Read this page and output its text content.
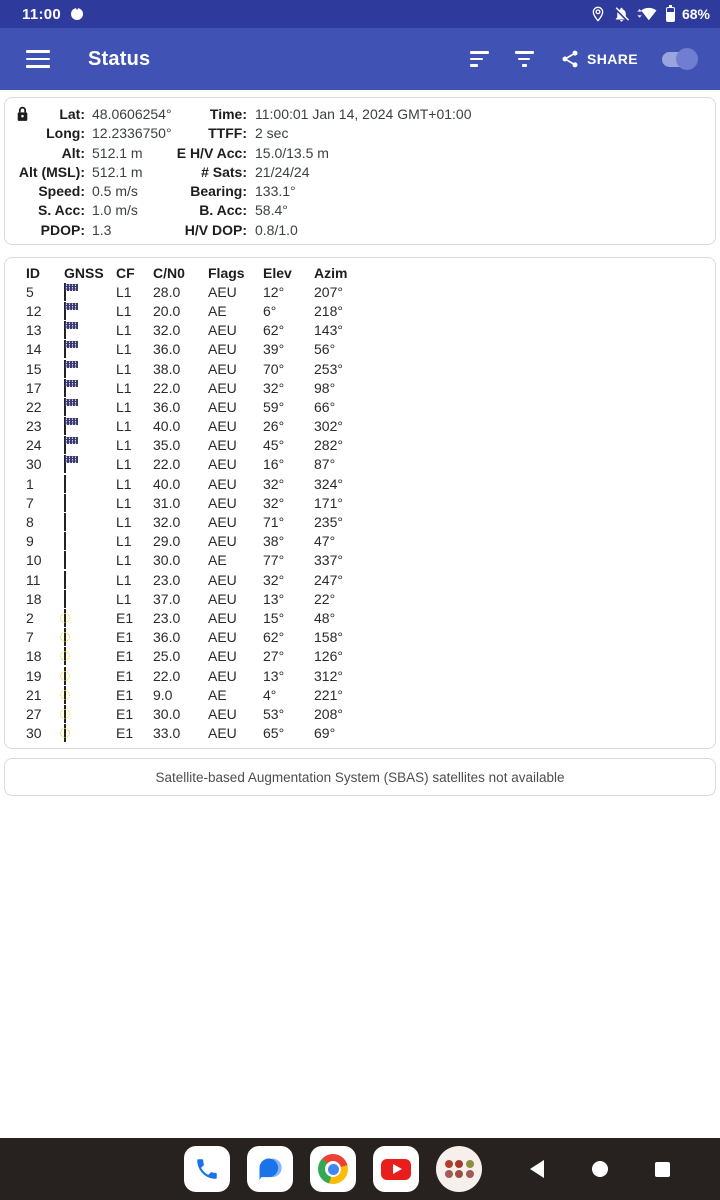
11:00	68%
Status	SHARE
Lat: 48.0606254°	Time: 11:00:01 Jan 14, 2024 GMT+01:00
Long: 12.2336750°	TTFF: 2 sec
Alt: 512.1 m	E H/V Acc: 15.0/13.5 m
Alt (MSL): 512.1 m	# Sats: 21/24/24
Speed: 0.5 m/s	Bearing: 133.1°
S. Acc: 1.0 m/s	B. Acc: 58.4°
PDOP: 1.3	H/V DOP: 0.8/1.0
ID	GNSS CF	C/N0	Flags	Elev	Azim
5	L1	28.0	AEU	12°	207°
12	L1	20.0	AE	6°	218°
13	L1	32.0	AEU	62°	143°
14	L1	36.0	AEU	39°	56°
15	L1	38.0	AEU	70°	253°
17	L1	22.0	AEU	32°	98°
22	L1	36.0	AEU	59°	66°
23	L1	40.0	AEU	26°	302°
24	L1	35.0	AEU	45°	282°
30	L1	22.0	AEU	16°	87°
1	L1	40.0	AEU	32°	324°
7	L1	31.0	AEU	32°	171°
8	L1	32.0	AEU	71°	235°
9	L1	29.0	AEU	38°	47°
10	L1	30.0	AE	77°	337°
11	L1	23.0	AEU	32°	247°
18	L1	37.0	AEU	13°	22°
2	E1	23.0	AEU	15°	48°
7	E1	36.0	AEU	62°	158°
18	E1	25.0	AEU	27°	126°
19	E1	22.0	AEU	13°	312°
21	E1	9.0	AE	4°	221°
27	E1	30.0	AEU	53°	208°
30	E1	33.0	AEU	65°	69°
Satellite-based Augmentation System (SBAS) satellites not available
